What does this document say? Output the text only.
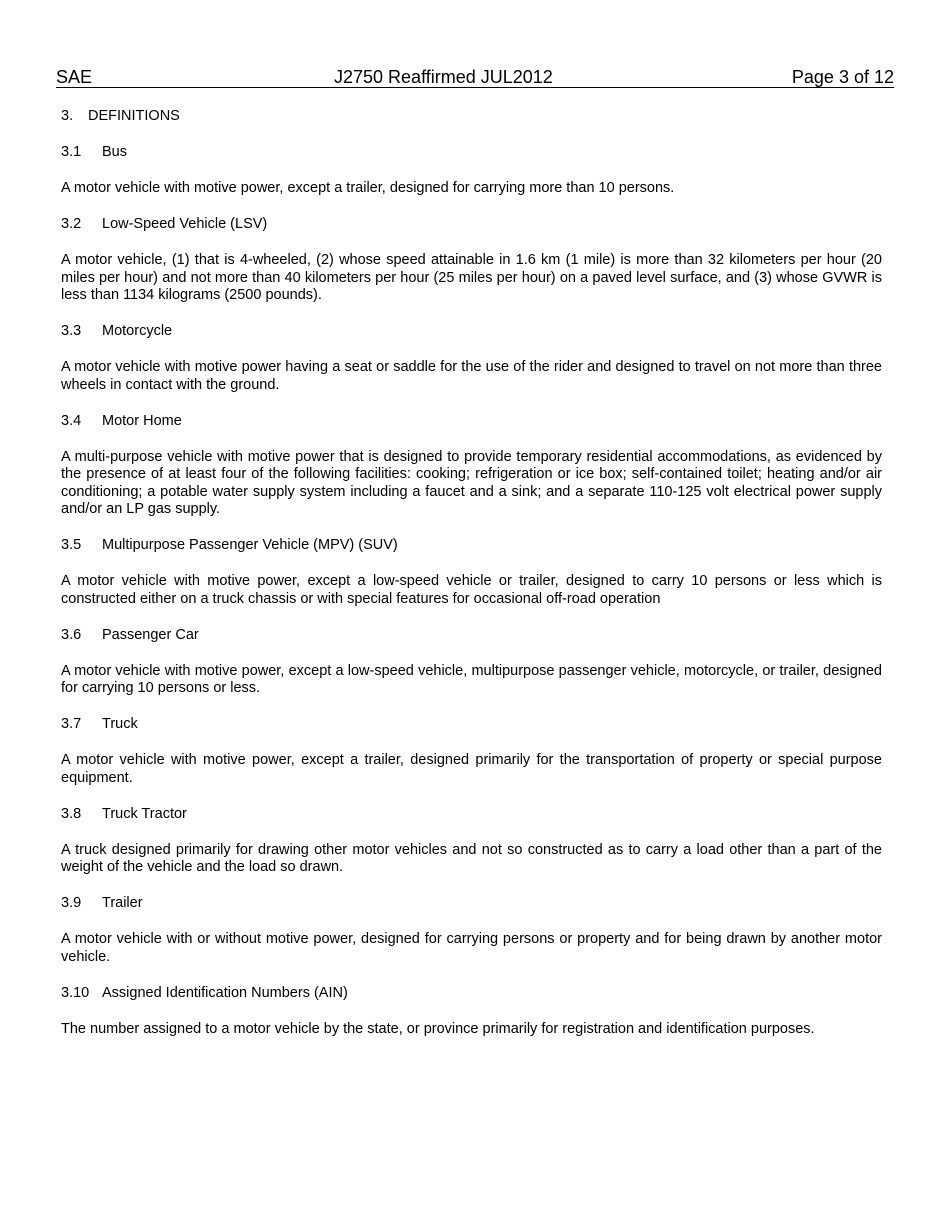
SAE	J2750 Reaffirmed JUL2012	Page 3 of 12
3. DEFINITIONS
3.1 Bus

A motor vehicle with motive power, except a trailer, designed for carrying more than 10 persons.

3.2 Low-Speed Vehicle (LSV)

A motor vehicle, (1) that is 4-wheeled, (2) whose speed attainable in 1.6 km (1 mile) is more than 32 kilometers per hour (20 miles per hour) and not more than 40 kilometers per hour (25 miles per hour) on a paved level surface, and (3) whose GVWR is less than 1134 kilograms (2500 pounds).

3.3 Motorcycle

A motor vehicle with motive power having a seat or saddle for the use of the rider and designed to travel on not more than three wheels in contact with the ground.

3.4 Motor Home

A multi-purpose vehicle with motive power that is designed to provide temporary residential accommodations, as evidenced by the presence of at least four of the following facilities: cooking; refrigeration or ice box; self-contained toilet; heating and/or air conditioning; a potable water supply system including a faucet and a sink; and a separate 110-125 volt electrical power supply and/or an LP gas supply.

3.5 Multipurpose Passenger Vehicle (MPV) (SUV)

A motor vehicle with motive power, except a low-speed vehicle or trailer, designed to carry 10 persons or less which is constructed either on a truck chassis or with special features for occasional off-road operation

3.6 Passenger Car

A motor vehicle with motive power, except a low-speed vehicle, multipurpose passenger vehicle, motorcycle, or trailer, designed for carrying 10 persons or less.

3.7 Truck

A motor vehicle with motive power, except a trailer, designed primarily for the transportation of property or special purpose equipment.

3.8 Truck Tractor

A truck designed primarily for drawing other motor vehicles and not so constructed as to carry a load other than a part of the weight of the vehicle and the load so drawn.

3.9 Trailer

A motor vehicle with or without motive power, designed for carrying persons or property and for being drawn by another motor vehicle.

3.10 Assigned Identification Numbers (AIN)

The number assigned to a motor vehicle by the state, or province primarily for registration and identification purposes.
